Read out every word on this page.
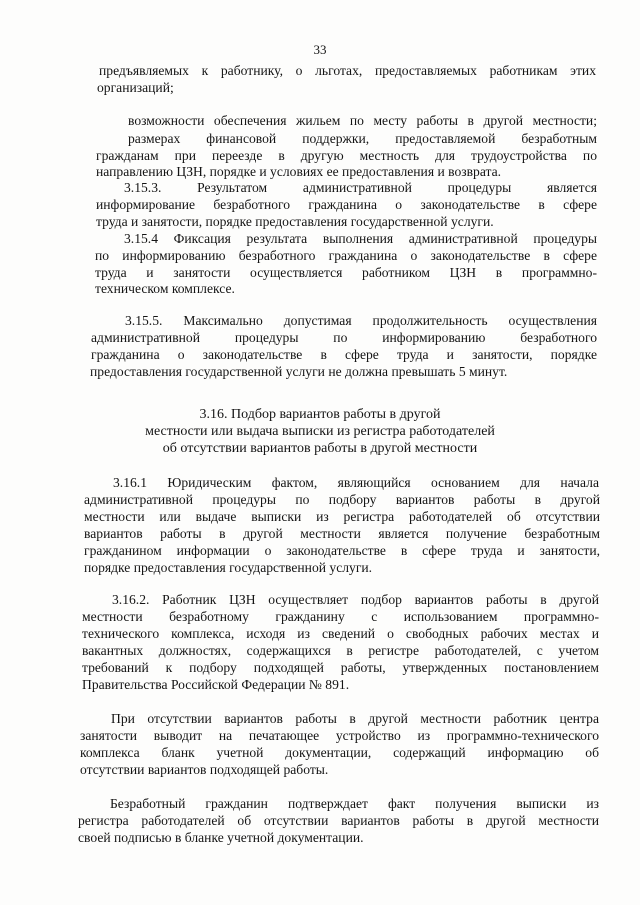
33
предъявляемых к работнику, о льготах, предоставляемых работникам этих
организаций;
возможности обеспечения жильем по месту работы в другой местности;
размерах финансовой поддержки, предоставляемой безработным
гражданам при переезде в другую местность для трудоустройства по
направлению ЦЗН, порядке и условиях ее предоставления и возврата.
3.15.3. Результатом административной процедуры является
информирование безработного гражданина о законодательстве в сфере
труда и занятости, порядке предоставления государственной услуги.
3.15.4 Фиксация результата выполнения административной процедуры
по информированию безработного гражданина о законодательстве в сфере
труда и занятости осуществляется работником ЦЗН в программно-
техническом комплексе.
3.15.5. Максимально допустимая продолжительность осуществления
административной процедуры по информированию безработного
гражданина о законодательстве в сфере труда и занятости, порядке
предоставления государственной услуги не должна превышать 5 минут.
3.16. Подбор вариантов работы в другой
местности или выдача выписки из регистра работодателей
об отсутствии вариантов работы в другой местности
3.16.1 Юридическим фактом, являющийся основанием для начала
административной процедуры по подбору вариантов работы в другой
местности или выдаче выписки из регистра работодателей об отсутствии
вариантов работы в другой местности является получение безработным
гражданином информации о законодательстве в сфере труда и занятости,
порядке предоставления государственной услуги.
3.16.2. Работник ЦЗН осуществляет подбор вариантов работы в другой
местности безработному гражданину с использованием программно-
технического комплекса, исходя из сведений о свободных рабочих местах и
вакантных должностях, содержащихся в регистре работодателей, с учетом
требований к подбору подходящей работы, утвержденных постановлением
Правительства Российской Федерации № 891.
При отсутствии вариантов работы в другой местности работник центра
занятости выводит на печатающее устройство из программно-технического
комплекса бланк учетной документации, содержащий информацию об
отсутствии вариантов подходящей работы.
Безработный гражданин подтверждает факт получения выписки из
регистра работодателей об отсутствии вариантов работы в другой местности
своей подписью в бланке учетной документации.
